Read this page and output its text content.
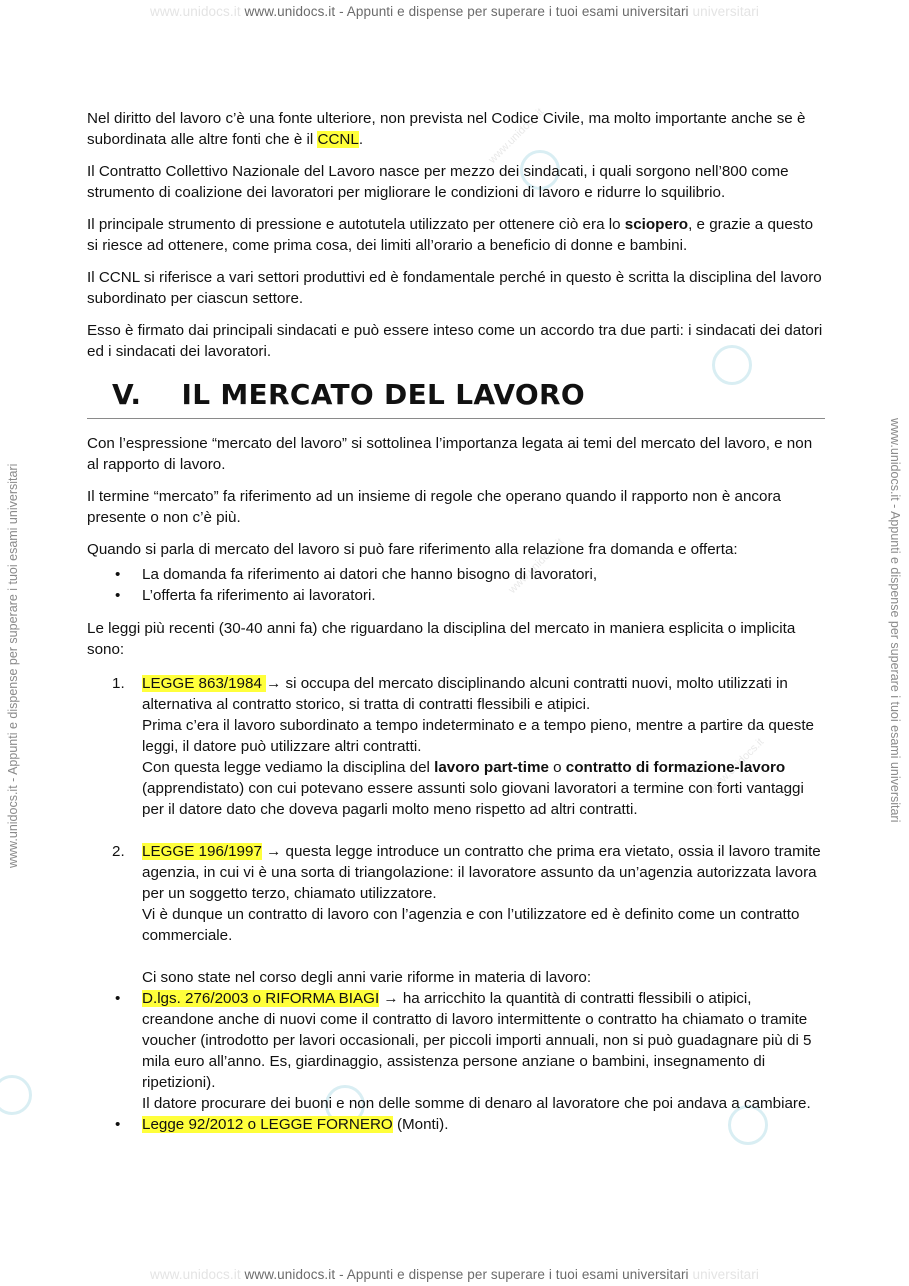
www.unidocs.it www.unidocs.it - Appunti e dispense per superare i tuoi esami universitari universitari
www.unidocs.it www.unidocs.it - Appunti e dispense per superare i tuoi esami universitari universitari
www.unidocs.it - Appunti e dispense per superare i tuoi esami universitari	www.unidocs.it - Appunti e dispense per superare i tuoi esami universitari
www.unidocs.it
www.unidocs.it
www.unidocs.it

Nel diritto del lavoro c’è una fonte ulteriore, non prevista nel Codice Civile, ma molto importante anche se è subordinata alle altre fonti che è il CCNL.

Il Contratto Collettivo Nazionale del Lavoro nasce per mezzo dei sindacati, i quali sorgono nell’800 come strumento di coalizione dei lavoratori per migliorare le condizioni di lavoro e ridurre lo squilibrio.

Il principale strumento di pressione e autotutela utilizzato per ottenere ciò era lo sciopero, e grazie a questo si riesce ad ottenere, come prima cosa, dei limiti all’orario a beneficio di donne e bambini.

Il CCNL si riferisce a vari settori produttivi ed è fondamentale perché in questo è scritta la disciplina del lavoro subordinato per ciascun settore.

Esso è firmato dai principali sindacati e può essere inteso come un accordo tra due parti: i sindacati dei datori ed i sindacati dei lavoratori.

V.    IL MERCATO DEL LAVORO

Con l’espressione “mercato del lavoro” si sottolinea l’importanza legata ai temi del mercato del lavoro, e non al rapporto di lavoro.

Il termine “mercato” fa riferimento ad un insieme di regole che operano quando il rapporto non è ancora presente o non c’è più.

Quando si parla di mercato del lavoro si può fare riferimento alla relazione fra domanda e offerta:

• La domanda fa riferimento ai datori che hanno bisogno di lavoratori,
• L’offerta fa riferimento ai lavoratori.

Le leggi più recenti (30-40 anni fa) che riguardano la disciplina del mercato in maniera esplicita o implicita sono:

1. LEGGE 863/1984 → si occupa del mercato disciplinando alcuni contratti nuovi, molto utilizzati in alternativa al contratto storico, si tratta di contratti flessibili e atipici.
Prima c’era il lavoro subordinato a tempo indeterminato e a tempo pieno, mentre a partire da queste leggi, il datore può utilizzare altri contratti.
Con questa legge vediamo la disciplina del lavoro part-time o contratto di formazione-lavoro (apprendistato) con cui potevano essere assunti solo giovani lavoratori a termine con forti vantaggi per il datore dato che doveva pagarli molto meno rispetto ad altri contratti.
2. LEGGE 196/1997 → questa legge introduce un contratto che prima era vietato, ossia il lavoro tramite agenzia, in cui vi è una sorta di triangolazione: il lavoratore assunto da un’agenzia autorizzata lavora per un soggetto terzo, chiamato utilizzatore.
Vi è dunque un contratto di lavoro con l’agenzia e con l’utilizzatore ed è definito come un contratto commerciale.
Ci sono state nel corso degli anni varie riforme in materia di lavoro:
• D.lgs. 276/2003 o RIFORMA BIAGI → ha arricchito la quantità di contratti flessibili o atipici, creandone anche di nuovi come il contratto di lavoro intermittente o contratto ha chiamato o tramite voucher (introdotto per lavori occasionali, per piccoli importi annuali, non si può guadagnare più di 5 mila euro all’anno. Es, giardinaggio, assistenza persone anziane o bambini, insegnamento di ripetizioni).
Il datore procurare dei buoni e non delle somme di denaro al lavoratore che poi andava a cambiare.
• Legge 92/2012 o LEGGE FORNERO (Monti).
